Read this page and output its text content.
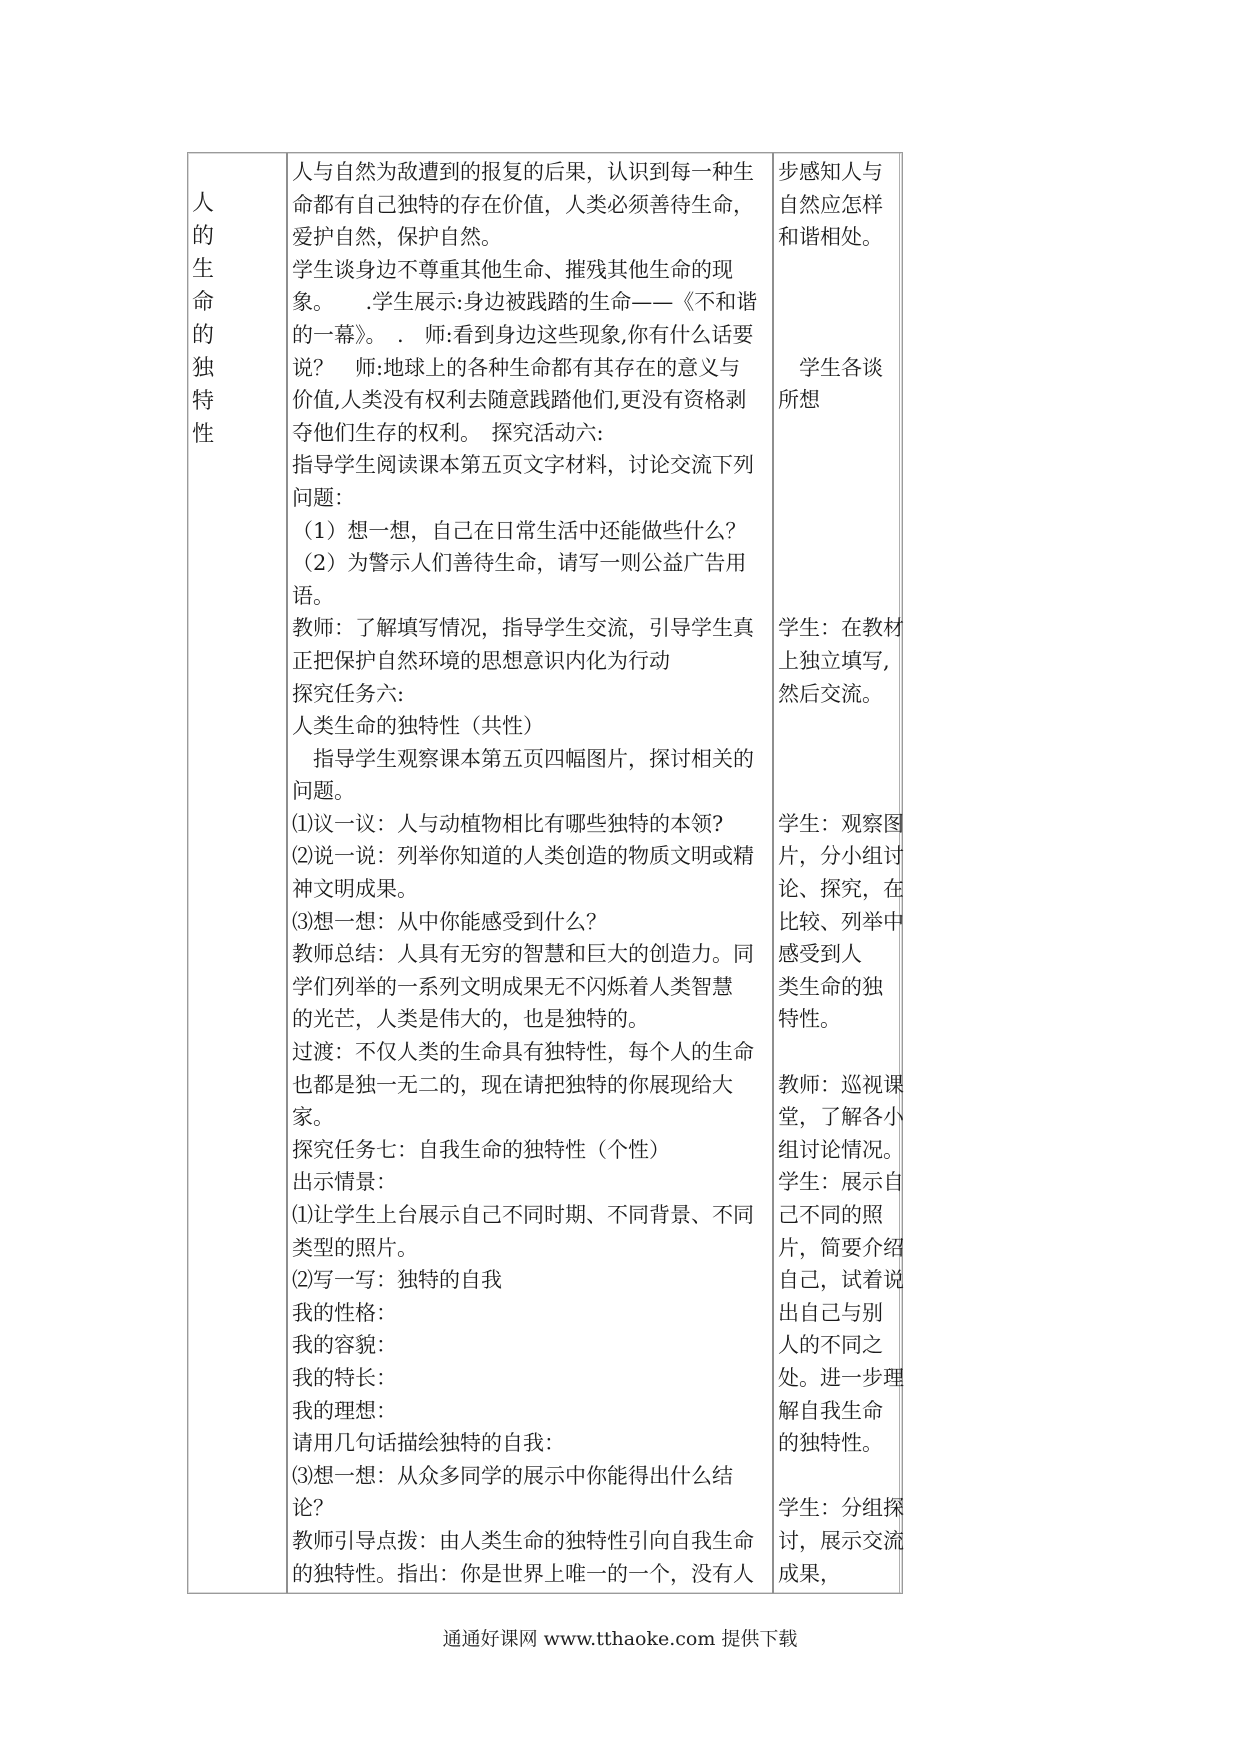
人
的
生
命
的
独
特
性
人与自然为敌遭到的报复的后果，认识到每一种生
命都有自己独特的存在价值，人类必须善待生命，
爱护自然，保护自然。
学生谈身边不尊重其他生命、摧残其他生命的现
象。　　.学生展示:身边被践踏的生命——《不和谐
的一幕》。　.　师:看到身边这些现象,你有什么话要
说？　师:地球上的各种生命都有其存在的意义与
价值,人类没有权利去随意践踏他们,更没有资格剥
夺他们生存的权利。　探究活动六:
指导学生阅读课本第五页文字材料，讨论交流下列
问题：
（1）想一想，自己在日常生活中还能做些什么？
（2）为警示人们善待生命，请写一则公益广告用
语。
教师：了解填写情况，指导学生交流，引导学生真
正把保护自然环境的思想意识内化为行动
探究任务六:
人类生命的独特性（共性）
　指导学生观察课本第五页四幅图片，探讨相关的
问题。
⑴议一议：人与动植物相比有哪些独特的本领?
⑵说一说：列举你知道的人类创造的物质文明或精
神文明成果。
⑶想一想：从中你能感受到什么？
教师总结：人具有无穷的智慧和巨大的创造力。同
学们列举的一系列文明成果无不闪烁着人类智慧
的光芒，人类是伟大的，也是独特的。
过渡：不仅人类的生命具有独特性，每个人的生命
也都是独一无二的，现在请把独特的你展现给大
家。
探究任务七：自我生命的独特性（个性）
出示情景：
⑴让学生上台展示自己不同时期、不同背景、不同
类型的照片。
⑵写一写：独特的自我
我的性格：
我的容貌：
我的特长：
我的理想：
请用几句话描绘独特的自我：
⑶想一想：从众多同学的展示中你能得出什么结
论？
教师引导点拨：由人类生命的独特性引向自我生命
的独特性。指出：你是世界上唯一的一个，没有人
步感知人与
自然应怎样
和谐相处。
　学生各谈
所想
学生：在教材
上独立填写,
然后交流。
学生：观察图
片，分小组讨
论、探究，在
比较、列举中
感受到人
类生命的独
特性。
教师：巡视课
堂，了解各小
组讨论情况。
学生：展示自
己不同的照
片，简要介绍
自己，试着说
出自己与别
人的不同之
处。进一步理
解自我生命
的独特性。
学生：分组探
讨，展示交流
成果，
通通好课网 www.tthaoke.com 提供下载
